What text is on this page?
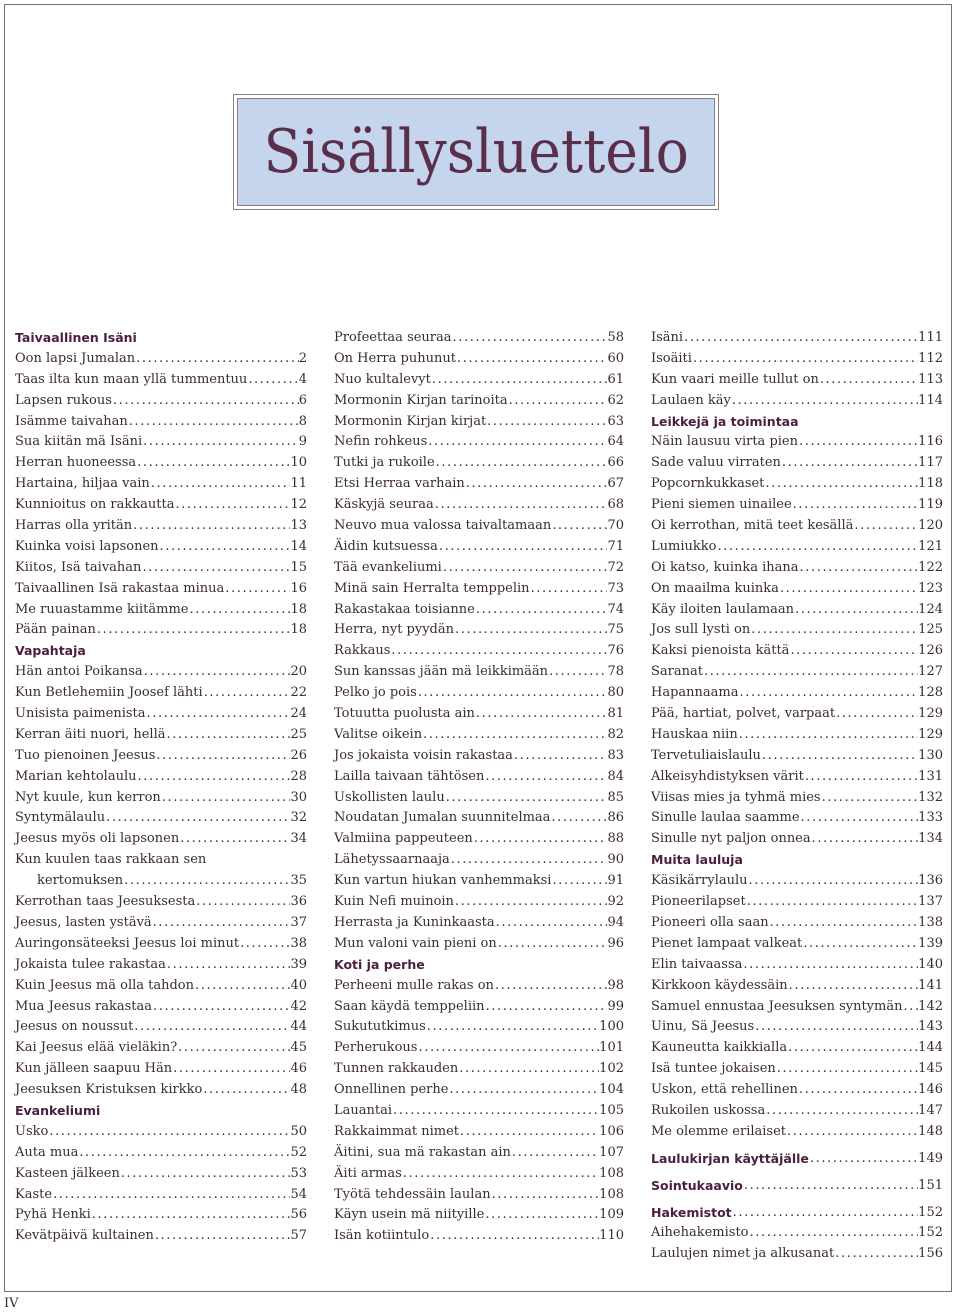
Sisällysluettelo
Taivaallinen Isäni
Oon lapsi Jumalan .....	2
Taas ilta kun maan yllä tummentuu .....	4
Lapsen rukous .....	6
Isämme taivahan .....	8
Sua kiitän mä Isäni .....	9
Herran huoneessa .....	10
Hartaina, hiljaa vain .....	11
Kunnioitus on rakkautta .....	12
Harras olla yritän .....	13
Kuinka voisi lapsonen .....	14
Kiitos, Isä taivahan .....	15
Taivaallinen Isä rakastaa minua .....	16
Me ruuastamme kiitämme .....	18
Pään painan .....	18
Vapahtaja
Hän antoi Poikansa .....	20
Kun Betlehemiin Joosef lähti .....	22
Unisista paimenista .....	24
Kerran äiti nuori, hellä .....	25
Tuo pienoinen Jeesus .....	26
Marian kehtolaulu .....	28
Nyt kuule, kun kerron .....	30
Syntymälaulu .....	32
Jeesus myös oli lapsonen .....	34
Kun kuulen taas rakkaan sen
kertomuksen .....	35
Kerrothan taas Jeesuksesta .....	36
Jeesus, lasten ystävä .....	37
Auringonsäteeksi Jeesus loi minut .....	38
Jokaista tulee rakastaa .....	39
Kuin Jeesus mä olla tahdon .....	40
Mua Jeesus rakastaa .....	42
Jeesus on noussut .....	44
Kai Jeesus elää vieläkin? .....	45
Kun jälleen saapuu Hän .....	46
Jeesuksen Kristuksen kirkko .....	48
Evankeliumi
Usko .....	50
Auta mua .....	52
Kasteen jälkeen .....	53
Kaste .....	54
Pyhä Henki .....	56
Kevätpäivä kultainen .....	57
Profeettaa seuraa .....	58
On Herra puhunut .....	60
Nuo kultalevyt .....	61
Mormonin Kirjan tarinoita .....	62
Mormonin Kirjan kirjat .....	63
Nefin rohkeus .....	64
Tutki ja rukoile .....	66
Etsi Herraa varhain .....	67
Käskyjä seuraa .....	68
Neuvo mua valossa taivaltamaan .....	70
Äidin kutsuessa .....	71
Tää evankeliumi .....	72
Minä sain Herralta temppelin .....	73
Rakastakaa toisianne .....	74
Herra, nyt pyydän .....	75
Rakkaus .....	76
Sun kanssas jään mä leikkimään .....	78
Pelko jo pois .....	80
Totuutta puolusta ain .....	81
Valitse oikein .....	82
Jos jokaista voisin rakastaa .....	83
Lailla taivaan tähtösen .....	84
Uskollisten laulu .....	85
Noudatan Jumalan suunnitelmaa .....	86
Valmiina pappeuteen .....	88
Lähetyssaarnaaja .....	90
Kun vartun hiukan vanhemmaksi .....	91
Kuin Nefi muinoin .....	92
Herrasta ja Kuninkaasta .....	94
Mun valoni vain pieni on .....	96
Koti ja perhe
Perheeni mulle rakas on .....	98
Saan käydä temppeliin .....	99
Sukututkimus .....	100
Perherukous .....	101
Tunnen rakkauden .....	102
Onnellinen perhe .....	104
Lauantai .....	105
Rakkaimmat nimet .....	106
Äitini, sua mä rakastan ain .....	107
Äiti armas .....	108
Työtä tehdessäin laulan .....	108
Käyn usein mä niityille .....	109
Isän kotiintulo .....	110
Isäni .....	111
Isoäiti .....	112
Kun vaari meille tullut on .....	113
Laulaen käy .....	114
Leikkejä ja toimintaa
Näin lausuu virta pien .....	116
Sade valuu virraten .....	117
Popcornkukkaset .....	118
Pieni siemen uinailee .....	119
Oi kerrothan, mitä teet kesällä .....	120
Lumiukko .....	121
Oi katso, kuinka ihana .....	122
On maailma kuinka .....	123
Käy iloiten laulamaan .....	124
Jos sull lysti on .....	125
Kaksi pienoista kättä .....	126
Saranat .....	127
Hapannaama .....	128
Pää, hartiat, polvet, varpaat .....	129
Hauskaa niin .....	129
Tervetuliaislaulu .....	130
Alkeisyhdistyksen värit .....	131
Viisas mies ja tyhmä mies .....	132
Sinulle laulaa saamme .....	133
Sinulle nyt paljon onnea .....	134
Muita lauluja
Käsikärrylaulu .....	136
Pioneerilapset .....	137
Pioneeri olla saan .....	138
Pienet lampaat valkeat .....	139
Elin taivaassa .....	140
Kirkkoon käydessäin .....	141
Samuel ennustaa Jeesuksen syntymän ..... 142
Uinu, Sä Jeesus .....	143
Kauneutta kaikkialla .....	144
Isä tuntee jokaisen .....	145
Uskon, että rehellinen .....	146
Rukoilen uskossa .....	147
Me olemme erilaiset .....	148
Laulukirjan käyttäjälle .....	149
Sointukaavio .....	151
Hakemistot .....	152
Aihehakemisto .....	152
Laulujen nimet ja alkusanat .....	156
IV
